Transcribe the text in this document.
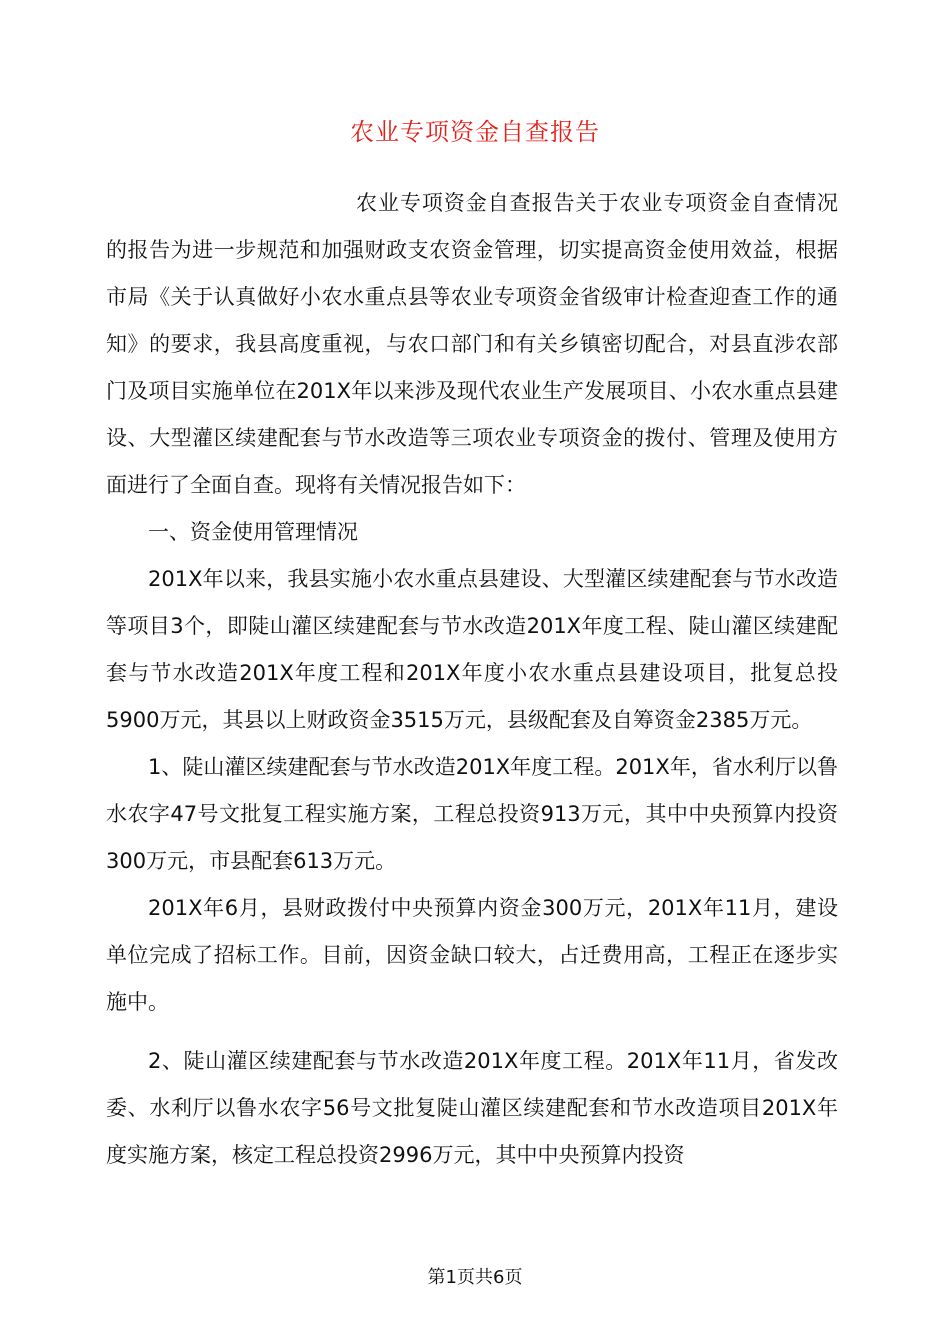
农业专项资金自查报告

农业专项资金自查报告关于农业专项资金自查情况的报告为进一步规范和加强财政支农资金管理，切实提高资金使用效益，根据市局《关于认真做好小农水重点县等农业专项资金省级审计检查迎查工作的通知》的要求，我县高度重视，与农口部门和有关乡镇密切配合，对县直涉农部门及项目实施单位在201X年以来涉及现代农业生产发展项目、小农水重点县建设、大型灌区续建配套与节水改造等三项农业专项资金的拨付、管理及使用方面进行了全面自查。现将有关情况报告如下：

一、资金使用管理情况

201X年以来，我县实施小农水重点县建设、大型灌区续建配套与节水改造等项目3个，即陡山灌区续建配套与节水改造201X年度工程、陡山灌区续建配套与节水改造201X年度工程和201X年度小农水重点县建设项目，批复总投5900万元，其县以上财政资金3515万元，县级配套及自筹资金2385万元。

1、陡山灌区续建配套与节水改造201X年度工程。201X年，省水利厅以鲁水农字47号文批复工程实施方案，工程总投资913万元，其中中央预算内投资300万元，市县配套613万元。

201X年6月，县财政拨付中央预算内资金300万元，201X年11月，建设单位完成了招标工作。目前，因资金缺口较大，占迁费用高，工程正在逐步实施中。

2、陡山灌区续建配套与节水改造201X年度工程。201X年11月，省发改委、水利厅以鲁水农字56号文批复陡山灌区续建配套和节水改造项目201X年度实施方案，核定工程总投资2996万元，其中中央预算内投资

第1页共6页
